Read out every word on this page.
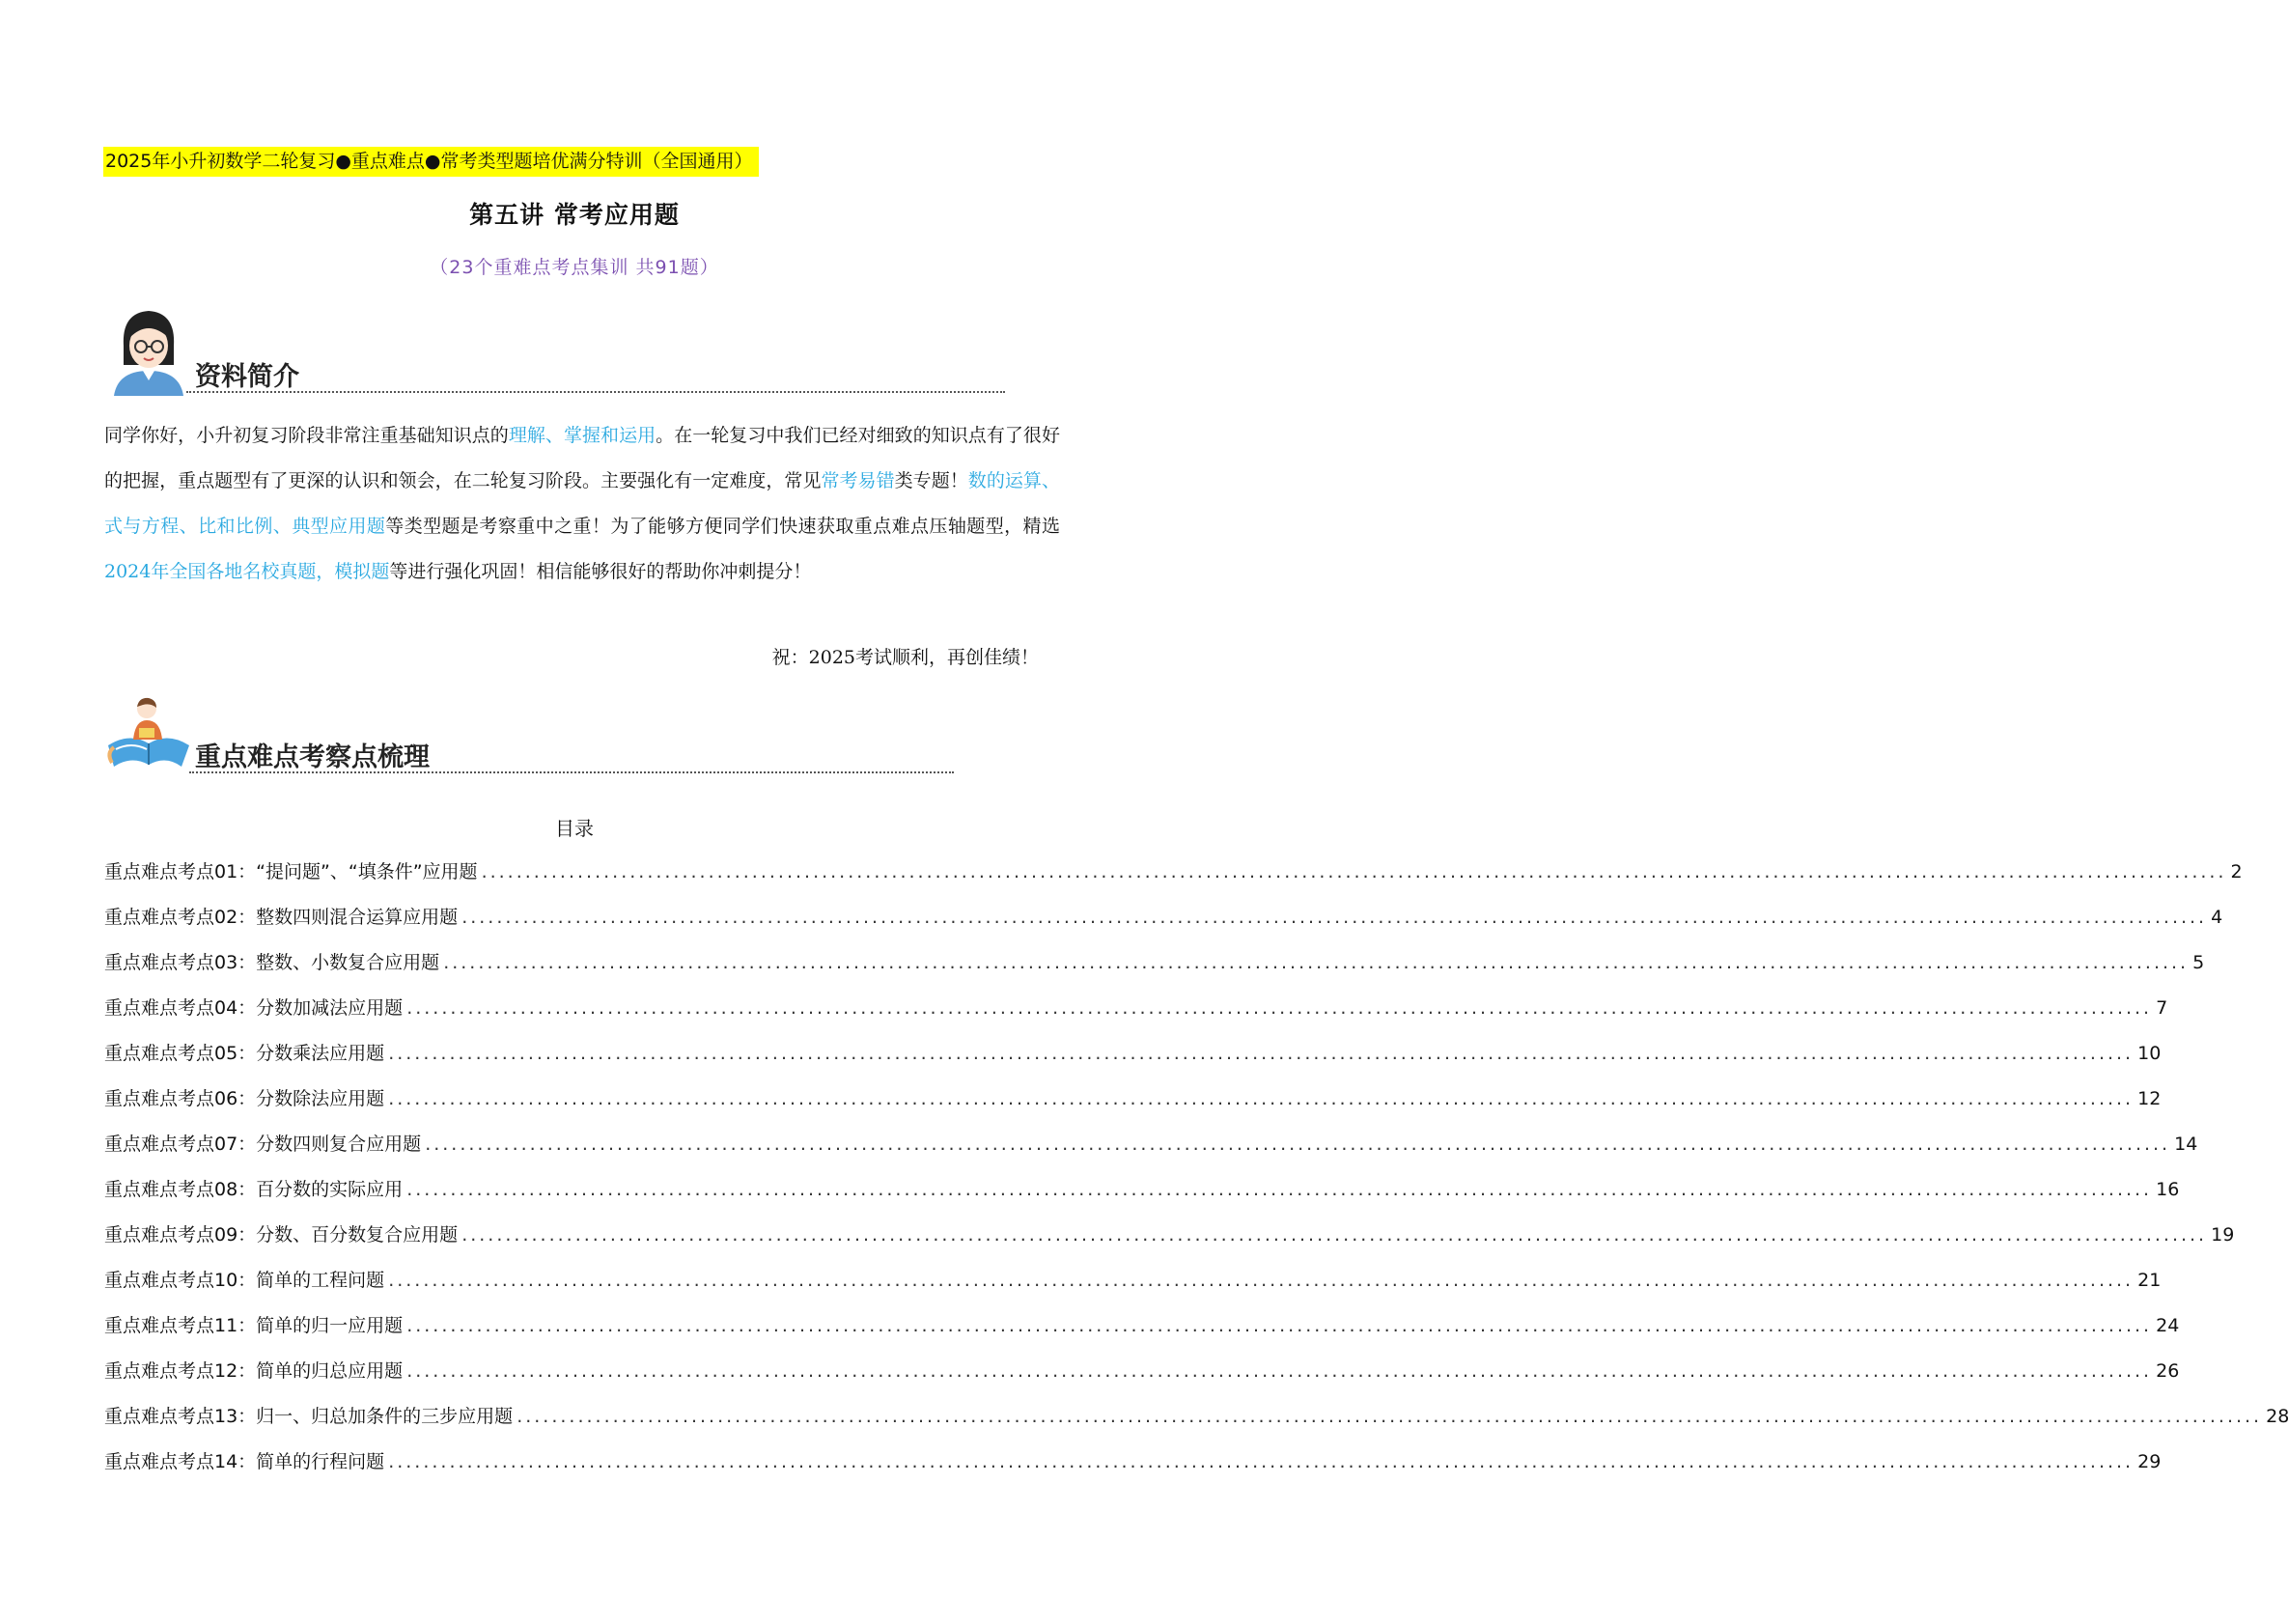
2025年小升初数学二轮复习●重点难点●常考类型题培优满分特训（全国通用）
第五讲 常考应用题
（23个重难点考点集训 共91题）
资料简介
同学你好，小升初复习阶段非常注重基础知识点的理解、掌握和运用。在一轮复习中我们已经对细致的知识点有了很好的把握，重点题型有了更深的认识和领会，在二轮复习阶段。主要强化有一定难度，常见常考易错类专题！数的运算、式与方程、比和比例、典型应用题等类型题是考察重中之重！为了能够方便同学们快速获取重点难点压轴题型，精选2024年全国各地名校真题，模拟题等进行强化巩固！相信能够很好的帮助你冲刺提分！
祝：2025考试顺利，再创佳绩！
重点难点考察点梳理
目录
重点难点考点01：“提问题”、“填条件”应用题 ........................................................................................................................................................................................................ 2
重点难点考点02：整数四则混合运算应用题 ........................................................................................................................................................................................................ 4
重点难点考点03：整数、小数复合应用题 ........................................................................................................................................................................................................ 5
重点难点考点04：分数加减法应用题 ........................................................................................................................................................................................................ 7
重点难点考点05：分数乘法应用题 ........................................................................................................................................................................................................ 10
重点难点考点06：分数除法应用题 ........................................................................................................................................................................................................ 12
重点难点考点07：分数四则复合应用题 ........................................................................................................................................................................................................ 14
重点难点考点08：百分数的实际应用 ........................................................................................................................................................................................................ 16
重点难点考点09：分数、百分数复合应用题 ........................................................................................................................................................................................................ 19
重点难点考点10：简单的工程问题 ........................................................................................................................................................................................................ 21
重点难点考点11：简单的归一应用题 ........................................................................................................................................................................................................ 24
重点难点考点12：简单的归总应用题 ........................................................................................................................................................................................................ 26
重点难点考点13：归一、归总加条件的三步应用题 ........................................................................................................................................................................................................ 28
重点难点考点14：简单的行程问题 ........................................................................................................................................................................................................ 29
